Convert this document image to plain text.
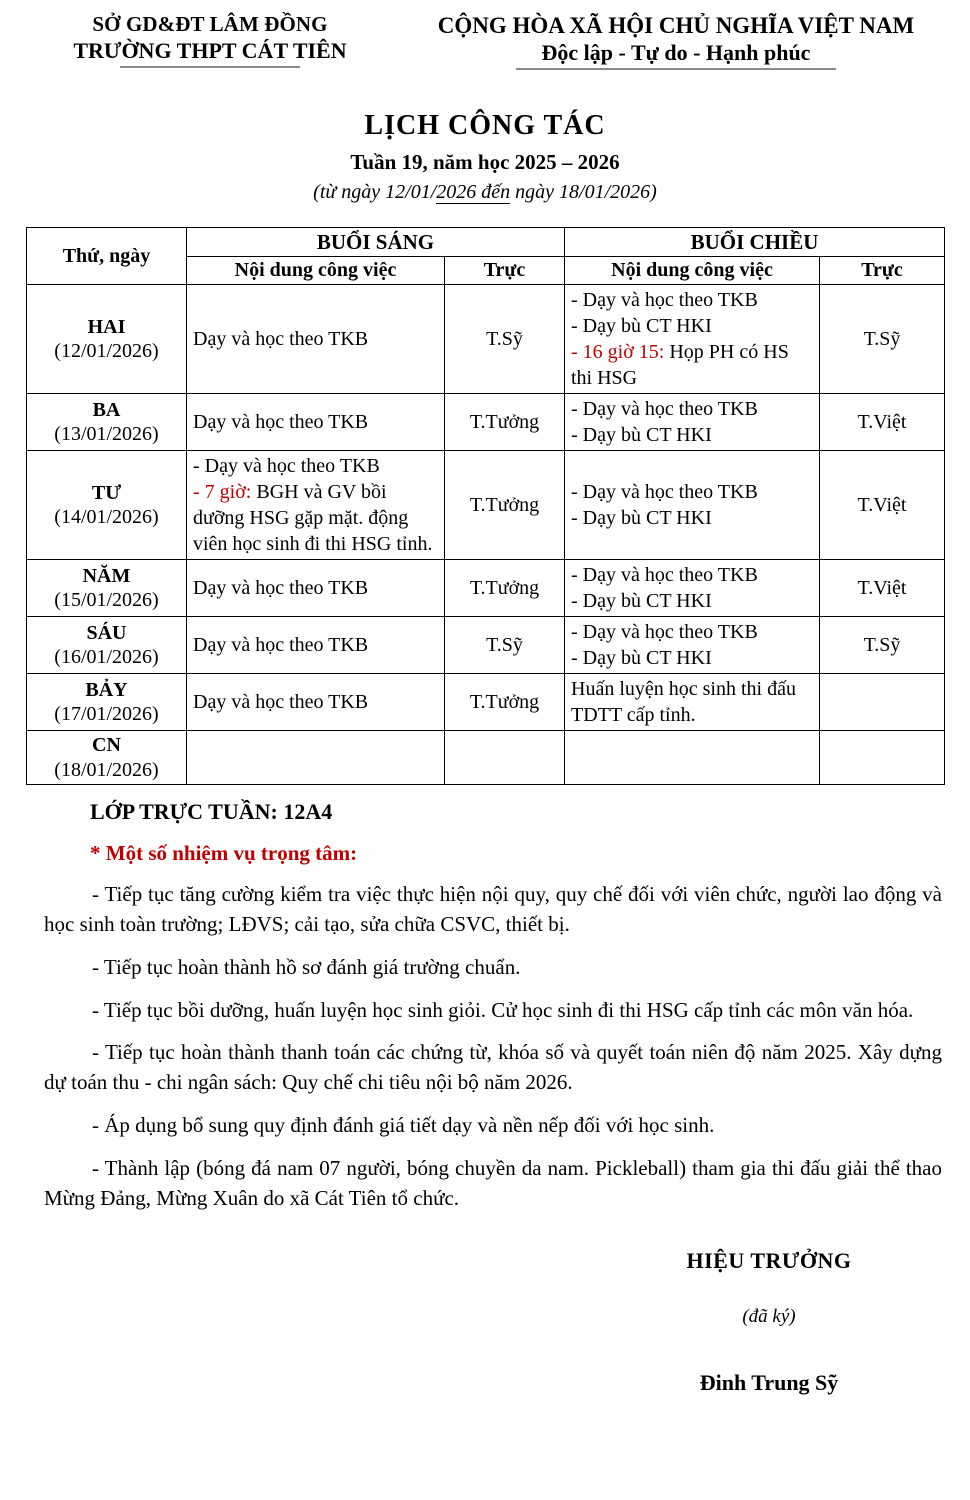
SỞ GD&ĐT LÂM ĐỒNG
TRƯỜNG THPT CÁT TIÊN
CỘNG HÒA XÃ HỘI CHỦ NGHĨA VIỆT NAM
Độc lập - Tự do - Hạnh phúc
LỊCH CÔNG TÁC
Tuần 19, năm học 2025 – 2026
(từ ngày 12/01/2026 đến ngày 18/01/2026)
Thứ, ngày	BUỔI SÁNG		BUỔI CHIỀU	
	Nội dung công việc	Trực	Nội dung công việc	Trực

HAI
(12/01/2026)	Dạy và học theo TKB	T.Sỹ	- Dạy và học theo TKB
- Dạy bù CT HKI
- 16 giờ 15: Họp PH có HS thi HSG	T.Sỹ

BA
(13/01/2026)	Dạy và học theo TKB	T.Tưởng	- Dạy và học theo TKB
- Dạy bù CT HKI	T.Việt

TƯ
(14/01/2026)	- Dạy và học theo TKB
- 7 giờ: BGH và GV bồi dưỡng HSG gặp mặt. động viên học sinh đi thi HSG tỉnh.	T.Tưởng	- Dạy và học theo TKB
- Dạy bù CT HKI	T.Việt

NĂM
(15/01/2026)	Dạy và học theo TKB	T.Tưởng	- Dạy và học theo TKB
- Dạy bù CT HKI	T.Việt

SÁU
(16/01/2026)	Dạy và học theo TKB	T.Sỹ	- Dạy và học theo TKB
- Dạy bù CT HKI	T.Sỹ

BẢY
(17/01/2026)	Dạy và học theo TKB	T.Tưởng	Huấn luyện học sinh thi đấu TDTT cấp tỉnh.	

CN
(18/01/2026)				

LỚP TRỰC TUẦN: 12A4
* Một số nhiệm vụ trọng tâm:
- Tiếp tục tăng cường kiểm tra việc thực hiện nội quy, quy chế đối với viên chức, người lao động và học sinh toàn trường; LĐVS; cải tạo, sửa chữa CSVC, thiết bị.
- Tiếp tục hoàn thành hồ sơ đánh giá trường chuẩn.
- Tiếp tục bồi dưỡng, huấn luyện học sinh giỏi. Cử học sinh đi thi HSG cấp tỉnh các môn văn hóa.
- Tiếp tục hoàn thành thanh toán các chứng từ, khóa số và quyết toán niên độ năm 2025. Xây dựng dự toán thu - chi ngân sách: Quy chế chi tiêu nội bộ năm 2026.
- Áp dụng bổ sung quy định đánh giá tiết dạy và nền nếp đối với học sinh.
- Thành lập (bóng đá nam 07 người, bóng chuyền da nam. Pickleball) tham gia thi đấu giải thể thao Mừng Đảng, Mừng Xuân do xã Cát Tiên tổ chức.
HIỆU TRƯỞNG
(đã ký)
Đinh Trung Sỹ
